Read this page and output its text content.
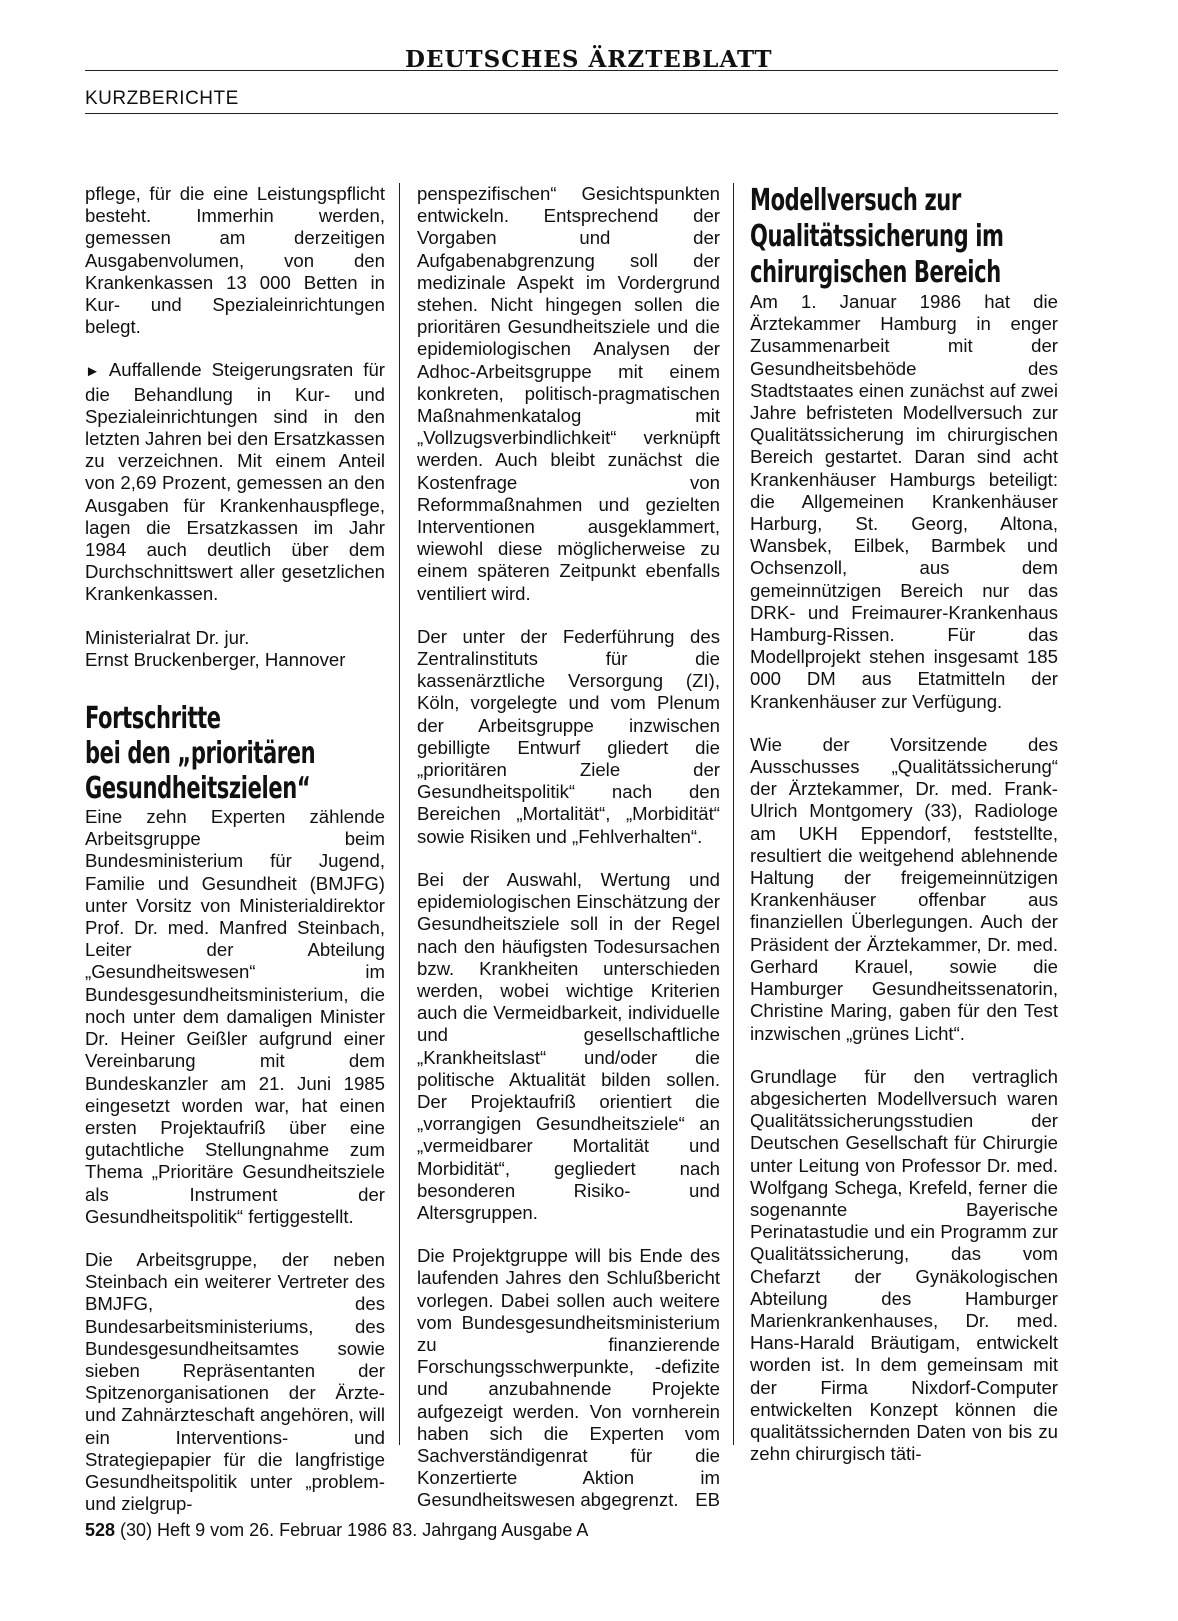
DEUTSCHES ÄRZTEBLATT
KURZBERICHTE

pflege, für die eine Leistungspflicht besteht. Immerhin werden, gemessen am derzeitigen Ausgabenvolumen, von den Krankenkassen 13 000 Betten in Kur- und Spezialeinrichtungen belegt.

► Auffallende Steigerungsraten für die Behandlung in Kur- und Spezialeinrichtungen sind in den letzten Jahren bei den Ersatzkassen zu verzeichnen. Mit einem Anteil von 2,69 Prozent, gemessen an den Ausgaben für Krankenhauspflege, lagen die Ersatzkassen im Jahr 1984 auch deutlich über dem Durchschnittswert aller gesetzlichen Krankenkassen.

Ministerialrat Dr. jur.
Ernst Bruckenberger, Hannover
Fortschritte
bei den „prioritären
Gesundheitszielen“

Eine zehn Experten zählende Arbeitsgruppe beim Bundesministerium für Jugend, Familie und Gesundheit (BMJFG) unter Vorsitz von Ministerialdirektor Prof. Dr. med. Manfred Steinbach, Leiter der Abteilung „Gesundheitswesen“ im Bundesgesundheitsministerium, die noch unter dem damaligen Minister Dr. Heiner Geißler aufgrund einer Vereinbarung mit dem Bundeskanzler am 21. Juni 1985 eingesetzt worden war, hat einen ersten Projektaufriß über eine gutachtliche Stellungnahme zum Thema „Prioritäre Gesundheitsziele als Instrument der Gesundheitspolitik“ fertiggestellt.

Die Arbeitsgruppe, der neben Steinbach ein weiterer Vertreter des BMJFG, des Bundesarbeitsministeriums, des Bundesgesundheitsamtes sowie sieben Repräsentanten der Spitzenorganisationen der Ärzte- und Zahnärzteschaft angehören, will ein Interventions- und Strategiepapier für die langfristige Gesundheitspolitik unter „problem- und zielgrup-

penspezifischen“ Gesichtspunkten entwickeln. Entsprechend der Vorgaben und der Aufgabenabgrenzung soll der medizinale Aspekt im Vordergrund stehen. Nicht hingegen sollen die prioritären Gesundheitsziele und die epidemiologischen Analysen der Adhoc-Arbeitsgruppe mit einem konkreten, politisch-pragmatischen Maßnahmenkatalog mit „Vollzugsverbindlichkeit“ verknüpft werden. Auch bleibt zunächst die Kostenfrage von Reformmaßnahmen und gezielten Interventionen ausgeklammert, wiewohl diese möglicherweise zu einem späteren Zeitpunkt ebenfalls ventiliert wird.

Der unter der Federführung des Zentralinstituts für die kassenärztliche Versorgung (ZI), Köln, vorgelegte und vom Plenum der Arbeitsgruppe inzwischen gebilligte Entwurf gliedert die „prioritären Ziele der Gesundheitspolitik“ nach den Bereichen „Mortalität“, „Morbidität“ sowie Risiken und „Fehlverhalten“.

Bei der Auswahl, Wertung und epidemiologischen Einschätzung der Gesundheitsziele soll in der Regel nach den häufigsten Todesursachen bzw. Krankheiten unterschieden werden, wobei wichtige Kriterien auch die Vermeidbarkeit, individuelle und gesellschaftliche „Krankheitslast“ und/oder die politische Aktualität bilden sollen. Der Projektaufriß orientiert die „vorrangigen Gesundheitsziele“ an „vermeidbarer Mortalität und Morbidität“, gegliedert nach besonderen Risiko- und Altersgruppen.

Die Projektgruppe will bis Ende des laufenden Jahres den Schlußbericht vorlegen. Dabei sollen auch weitere vom Bundesgesundheitsministerium zu finanzierende Forschungsschwerpunkte, -defizite und anzubahnende Projekte aufgezeigt werden. Von vornherein haben sich die Experten vom Sachverständigenrat für die Konzertierte Aktion im Gesundheitswesen abgegrenzt. EB

Modellversuch zur
Qualitätssicherung im
chirurgischen Bereich

Am 1. Januar 1986 hat die Ärztekammer Hamburg in enger Zusammenarbeit mit der Gesundheitsbehöde des Stadtstaates einen zunächst auf zwei Jahre befristeten Modellversuch zur Qualitätssicherung im chirurgischen Bereich gestartet. Daran sind acht Krankenhäuser Hamburgs beteiligt: die Allgemeinen Krankenhäuser Harburg, St. Georg, Altona, Wansbek, Eilbek, Barmbek und Ochsenzoll, aus dem gemeinnützigen Bereich nur das DRK- und Freimaurer-Krankenhaus Hamburg-Rissen. Für das Modellprojekt stehen insgesamt 185 000 DM aus Etatmitteln der Krankenhäuser zur Verfügung.

Wie der Vorsitzende des Ausschusses „Qualitätssicherung“ der Ärztekammer, Dr. med. Frank-Ulrich Montgomery (33), Radiologe am UKH Eppendorf, feststellte, resultiert die weitgehend ablehnende Haltung der freigemeinnützigen Krankenhäuser offenbar aus finanziellen Überlegungen. Auch der Präsident der Ärztekammer, Dr. med. Gerhard Krauel, sowie die Hamburger Gesundheitssenatorin, Christine Maring, gaben für den Test inzwischen „grünes Licht“.

Grundlage für den vertraglich abgesicherten Modellversuch waren Qualitätssicherungsstudien der Deutschen Gesellschaft für Chirurgie unter Leitung von Professor Dr. med. Wolfgang Schega, Krefeld, ferner die sogenannte Bayerische Perinatastudie und ein Programm zur Qualitätssicherung, das vom Chefarzt der Gynäkologischen Abteilung des Hamburger Marienkrankenhauses, Dr. med. Hans-Harald Bräutigam, entwickelt worden ist. In dem gemeinsam mit der Firma Nixdorf-Computer entwickelten Konzept können die qualitätssichernden Daten von bis zu zehn chirurgisch täti-

528 (30) Heft 9 vom 26. Februar 1986 83. Jahrgang Ausgabe A
